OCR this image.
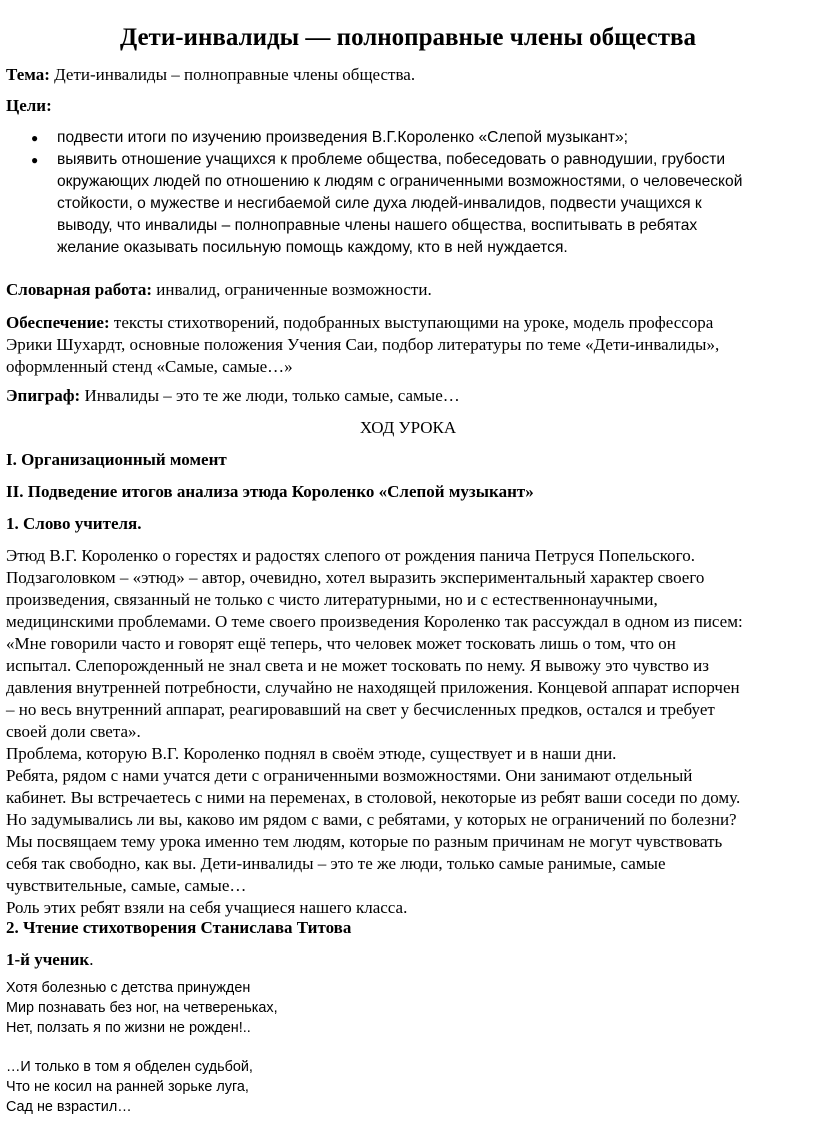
Дети-инвалиды — полноправные члены общества
Тема: Дети-инвалиды – полноправные члены общества.
Цели:
● подвести итоги по изучению произведения В.Г.Короленко «Слепой музыкант»;
● выявить отношение учащихся к проблеме общества, побеседовать о равнодушии, грубости
окружающих людей по отношению к людям с ограниченными возможностями, о человеческой
стойкости, о мужестве и несгибаемой силе духа людей-инвалидов, подвести учащихся к
выводу, что инвалиды – полноправные члены нашего общества, воспитывать в ребятах
желание оказывать посильную помощь каждому, кто в ней нуждается.
Словарная работа: инвалид, ограниченные возможности.
Обеспечение: тексты стихотворений, подобранных выступающими на уроке, модель профессора
Эрики Шухардт, основные положения Учения Саи, подбор литературы по теме «Дети-инвалиды»,
оформленный стенд «Самые, самые…»
Эпиграф: Инвалиды – это те же люди, только самые, самые…
ХОД УРОКА
I. Организационный момент
II. Подведение итогов анализа этюда Короленко «Слепой музыкант»
1. Слово учителя.
Этюд В.Г. Короленко о горестях и радостях слепого от рождения панича Петруся Попельского.
Подзаголовком – «этюд» – автор, очевидно, хотел выразить экспериментальный характер своего
произведения, связанный не только с чисто литературными, но и с естественнонаучными,
медицинскими проблемами. О теме своего произведения Короленко так рассуждал в одном из писем:
«Мне говорили часто и говорят ещё теперь, что человек может тосковать лишь о том, что он
испытал. Слепорожденный не знал света и не может тосковать по нему. Я вывожу это чувство из
давления внутренней потребности, случайно не находящей приложения. Концевой аппарат испорчен
– но весь внутренний аппарат, реагировавший на свет у бесчисленных предков, остался и требует
своей доли света».
Проблема, которую В.Г. Короленко поднял в своём этюде, существует и в наши дни.
Ребята, рядом с нами учатся дети с ограниченными возможностями. Они занимают отдельный
кабинет. Вы встречаетесь с ними на переменах, в столовой, некоторые из ребят ваши соседи по дому.
Но задумывались ли вы, каково им рядом с вами, с ребятами, у которых не ограничений по болезни?
Мы посвящаем тему урока именно тем людям, которые по разным причинам не могут чувствовать
себя так свободно, как вы. Дети-инвалиды – это те же люди, только самые ранимые, самые
чувствительные, самые, самые…
Роль этих ребят взяли на себя учащиеся нашего класса.
2. Чтение стихотворения Станислава Титова
1-й ученик.
Хотя болезнью с детства принужден
Мир познавать без ног, на четвереньках,
Нет, ползать я по жизни не рожден!..
…И только в том я обделен судьбой,
Что не косил на ранней зорьке луга,
Сад не взрастил…
